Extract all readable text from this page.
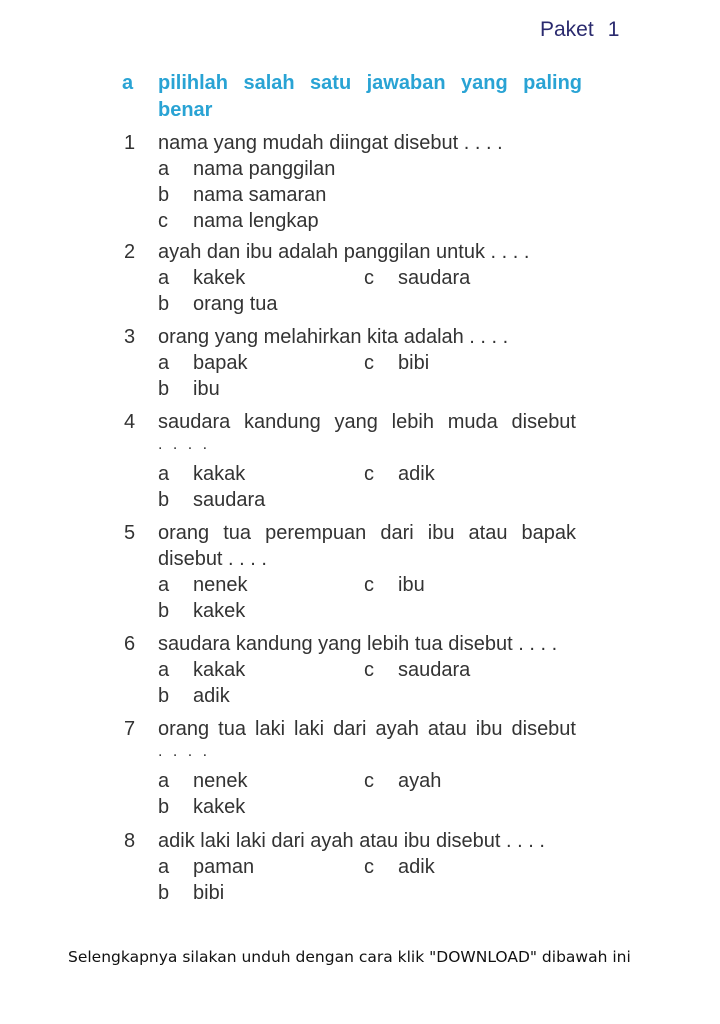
Paket 1
a pilihlah salah satu jawaban yang paling benar
1 nama yang mudah diingat disebut . . . .
a nama panggilan
b nama samaran
c nama lengkap
2 ayah dan ibu adalah panggilan untuk . . . .
a kakek	c saudara
b orang tua
3 orang yang melahirkan kita adalah . . . .
a bapak	c bibi
b ibu
4 saudara kandung yang lebih muda disebut
. . . .
a kakak	c adik
b saudara
5 orang tua perempuan dari ibu atau bapak disebut . . . .
a nenek	c ibu
b kakek
6 saudara kandung yang lebih tua disebut . . . .
a kakak	c saudara
b adik
7 orang tua laki laki dari ayah atau ibu disebut
. . . .
a nenek	c ayah
b kakek
8 adik laki laki dari ayah atau ibu disebut . . . .
a paman	c adik
b bibi
Selengkapnya silakan unduh dengan cara klik "DOWNLOAD" dibawah ini
